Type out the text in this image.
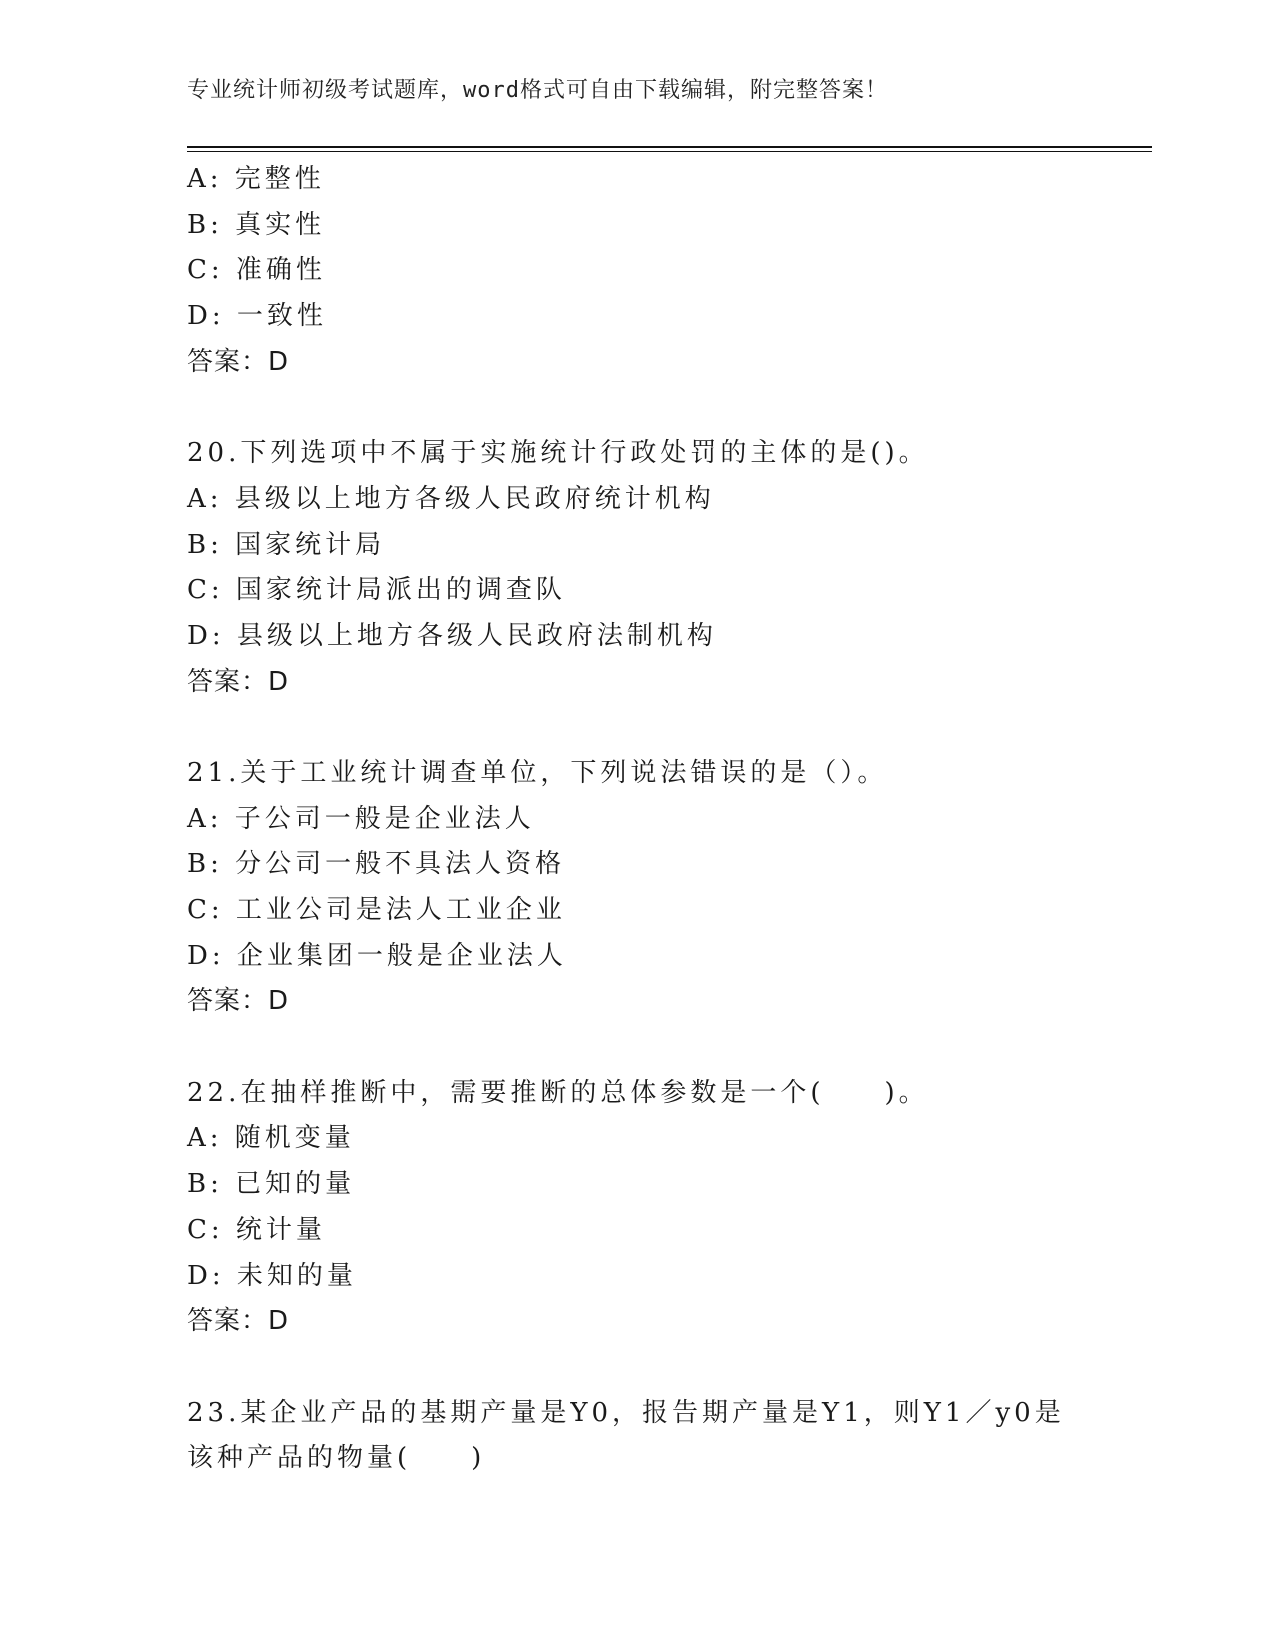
专业统计师初级考试题库，word格式可自由下载编辑，附完整答案！
A: 完整性
B: 真实性
C: 准确性
D: 一致性
答案：D
20.下列选项中不属于实施统计行政处罚的主体的是()。
A: 县级以上地方各级人民政府统计机构
B: 国家统计局
C: 国家统计局派出的调查队
D: 县级以上地方各级人民政府法制机构
答案：D
21.关于工业统计调查单位，下列说法错误的是（）。
A: 子公司一般是企业法人
B: 分公司一般不具法人资格
C: 工业公司是法人工业企业
D: 企业集团一般是企业法人
答案：D
22.在抽样推断中，需要推断的总体参数是一个(　　)。
A: 随机变量
B: 已知的量
C: 统计量
D: 未知的量
答案：D
23.某企业产品的基期产量是Y0，报告期产量是Y1，则Y1／y0是该种产品的物量(　　)
